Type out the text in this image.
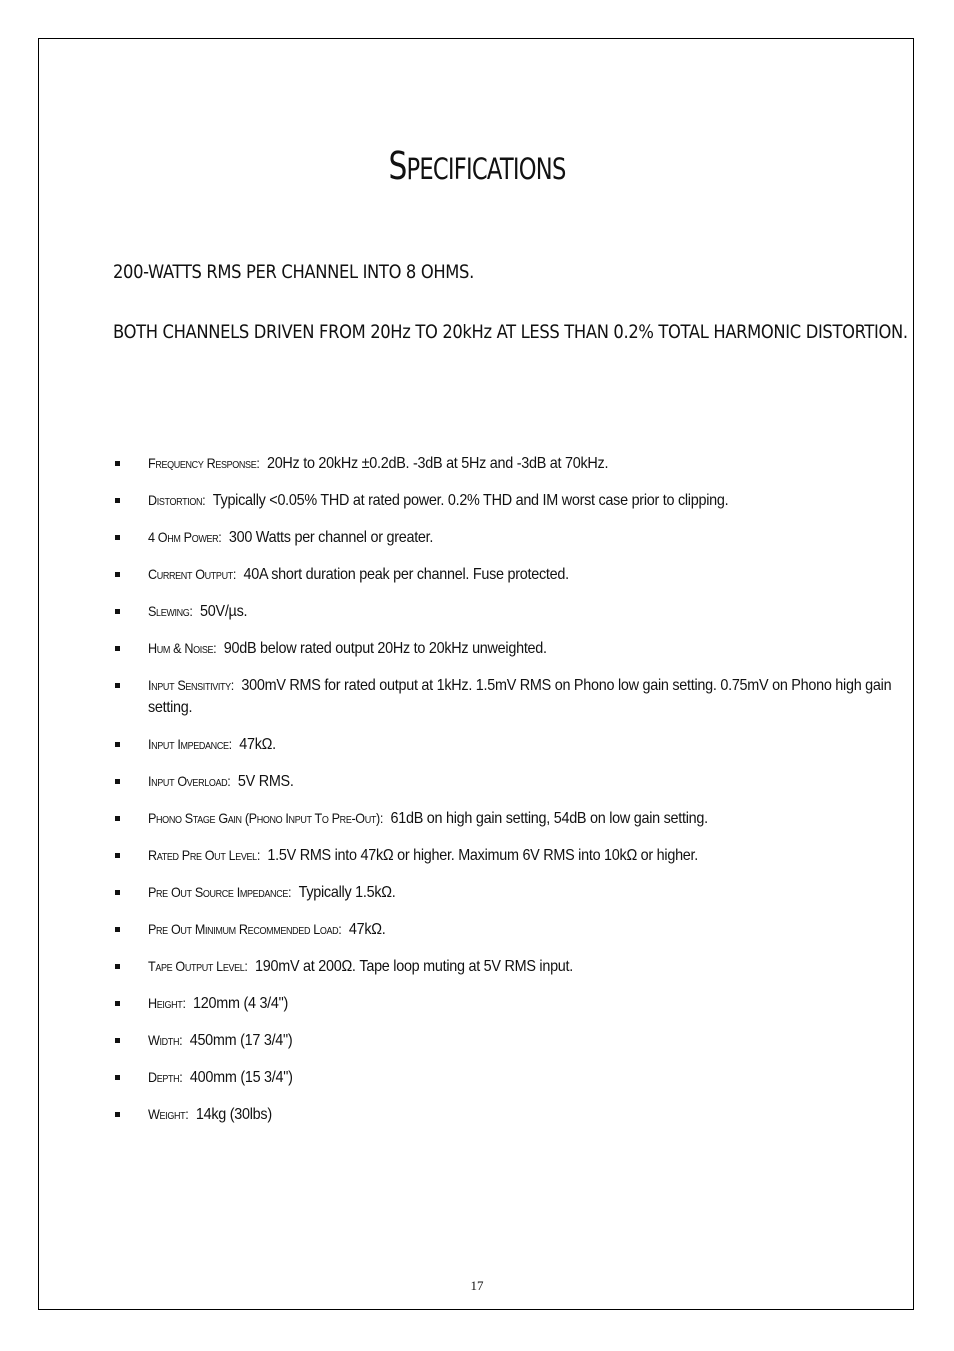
SPECIFICATIONS

200-WATTS RMS PER CHANNEL INTO 8 OHMS.

BOTH CHANNELS DRIVEN FROM 20Hz TO 20kHz AT LESS THAN 0.2% TOTAL HARMONIC DISTORTION.

Frequency Response: 20Hz to 20kHz ±0.2dB. -3dB at 5Hz and -3dB at 70kHz.
Distortion: Typically <0.05% THD at rated power. 0.2% THD and IM worst case prior to clipping.
4 Ohm Power: 300 Watts per channel or greater.
Current Output: 40A short duration peak per channel. Fuse protected.
Slewing: 50V/µs.
Hum & Noise: 90dB below rated output 20Hz to 20kHz unweighted.
Input Sensitivity: 300mV RMS for rated output at 1kHz. 1.5mV RMS on Phono low gain setting. 0.75mV on Phono high gain setting.
Input Impedance: 47kΩ.
Input Overload: 5V RMS.
Phono Stage Gain (Phono Input To Pre-Out): 61dB on high gain setting, 54dB on low gain setting.
Rated Pre Out Level: 1.5V RMS into 47kΩ or higher. Maximum 6V RMS into 10kΩ or higher.
Pre Out Source Impedance: Typically 1.5kΩ.
Pre Out Minimum Recommended Load: 47kΩ.
Tape Output Level: 190mV at 200Ω. Tape loop muting at 5V RMS input.
Height: 120mm (4 3/4")
Width: 450mm (17 3/4")
Depth: 400mm (15 3/4")
Weight: 14kg (30lbs)
17
